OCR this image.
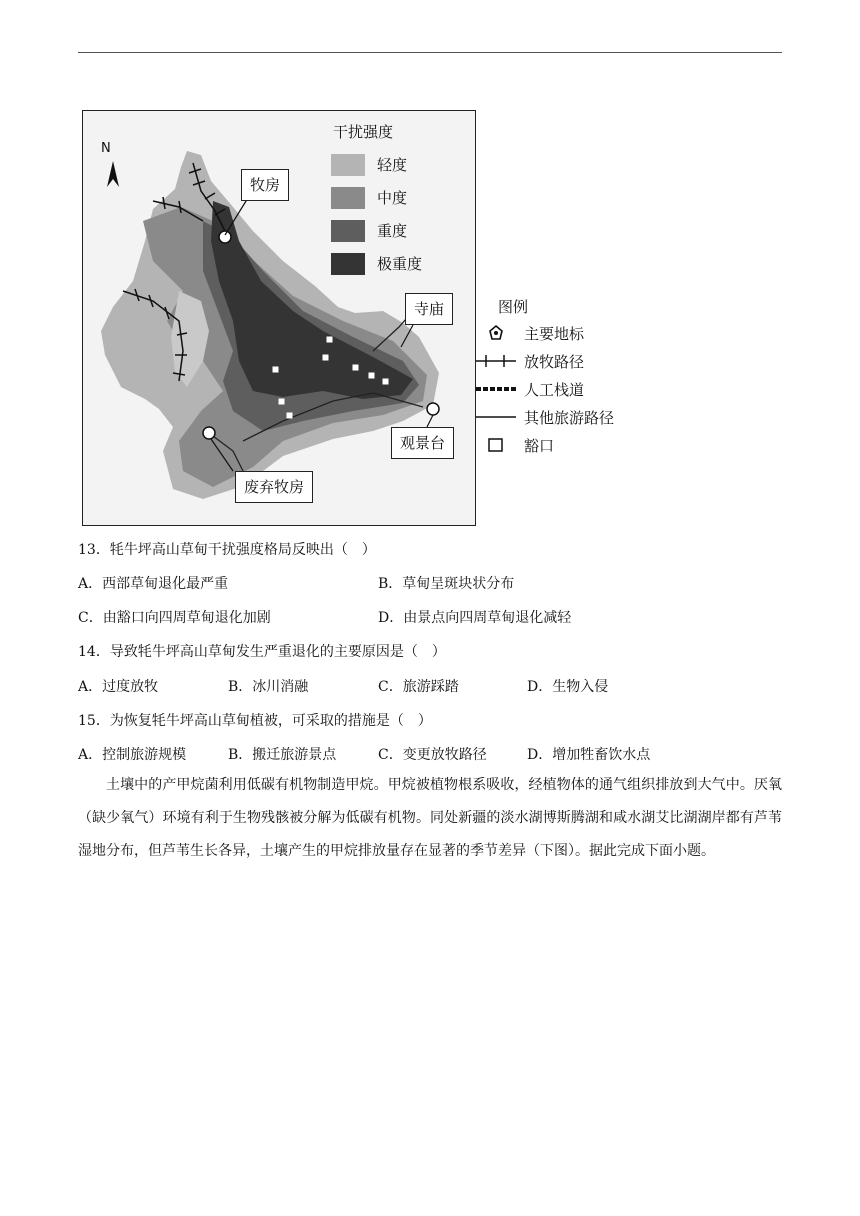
N
干扰强度
轻度
中度
重度
极重度
牧房
寺庙
观景台
废弃牧房
图例
主要地标
放牧路径
人工栈道
其他旅游路径
豁口
13．牦牛坪高山草甸干扰强度格局反映出（　）
A．西部草甸退化最严重	B．草甸呈斑块状分布
C．由豁口向四周草甸退化加剧	D．由景点向四周草甸退化减轻
14．导致牦牛坪高山草甸发生严重退化的主要原因是（　）
A．过度放牧	B．冰川消融	C．旅游踩踏	D．生物入侵
15．为恢复牦牛坪高山草甸植被，可采取的措施是（　）
A．控制旅游规模	B．搬迁旅游景点	C．变更放牧路径	D．增加牲畜饮水点

土壤中的产甲烷菌利用低碳有机物制造甲烷。甲烷被植物根系吸收，经植物体的通气组织排放到大气中。厌氧（缺少氧气）环境有利于生物残骸被分解为低碳有机物。同处新疆的淡水湖博斯腾湖和咸水湖艾比湖湖岸都有芦苇湿地分布，但芦苇生长各异，土壤产生的甲烷排放量存在显著的季节差异（下图）。据此完成下面小题。
